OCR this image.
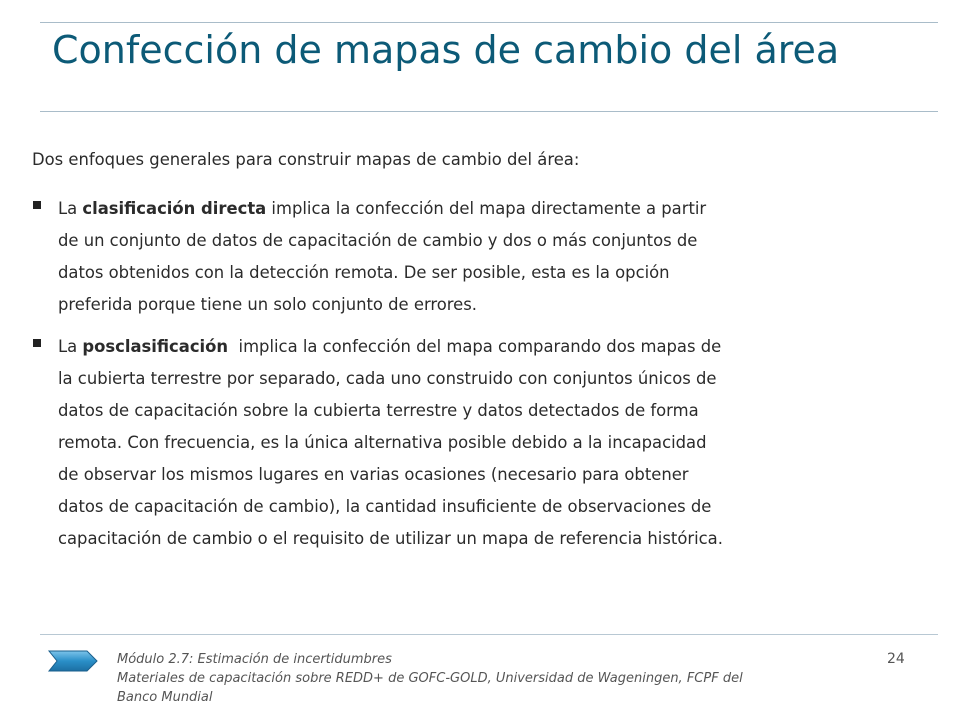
Confección de mapas de cambio del área

Dos enfoques generales para construir mapas de cambio del área:

La clasificación directa implica la confección del mapa directamente a partir
de un conjunto de datos de capacitación de cambio y dos o más conjuntos de
datos obtenidos con la detección remota. De ser posible, esta es la opción
preferida porque tiene un solo conjunto de errores.

La posclasificación  implica la confección del mapa comparando dos mapas de
la cubierta terrestre por separado, cada uno construido con conjuntos únicos de
datos de capacitación sobre la cubierta terrestre y datos detectados de forma
remota. Con frecuencia, es la única alternativa posible debido a la incapacidad
de observar los mismos lugares en varias ocasiones (necesario para obtener
datos de capacitación de cambio), la cantidad insuficiente de observaciones de
capacitación de cambio o el requisito de utilizar un mapa de referencia histórica.

Módulo 2.7: Estimación de incertidumbres
Materiales de capacitación sobre REDD+ de GOFC-GOLD, Universidad de Wageningen, FCPF del
Banco Mundial
24
